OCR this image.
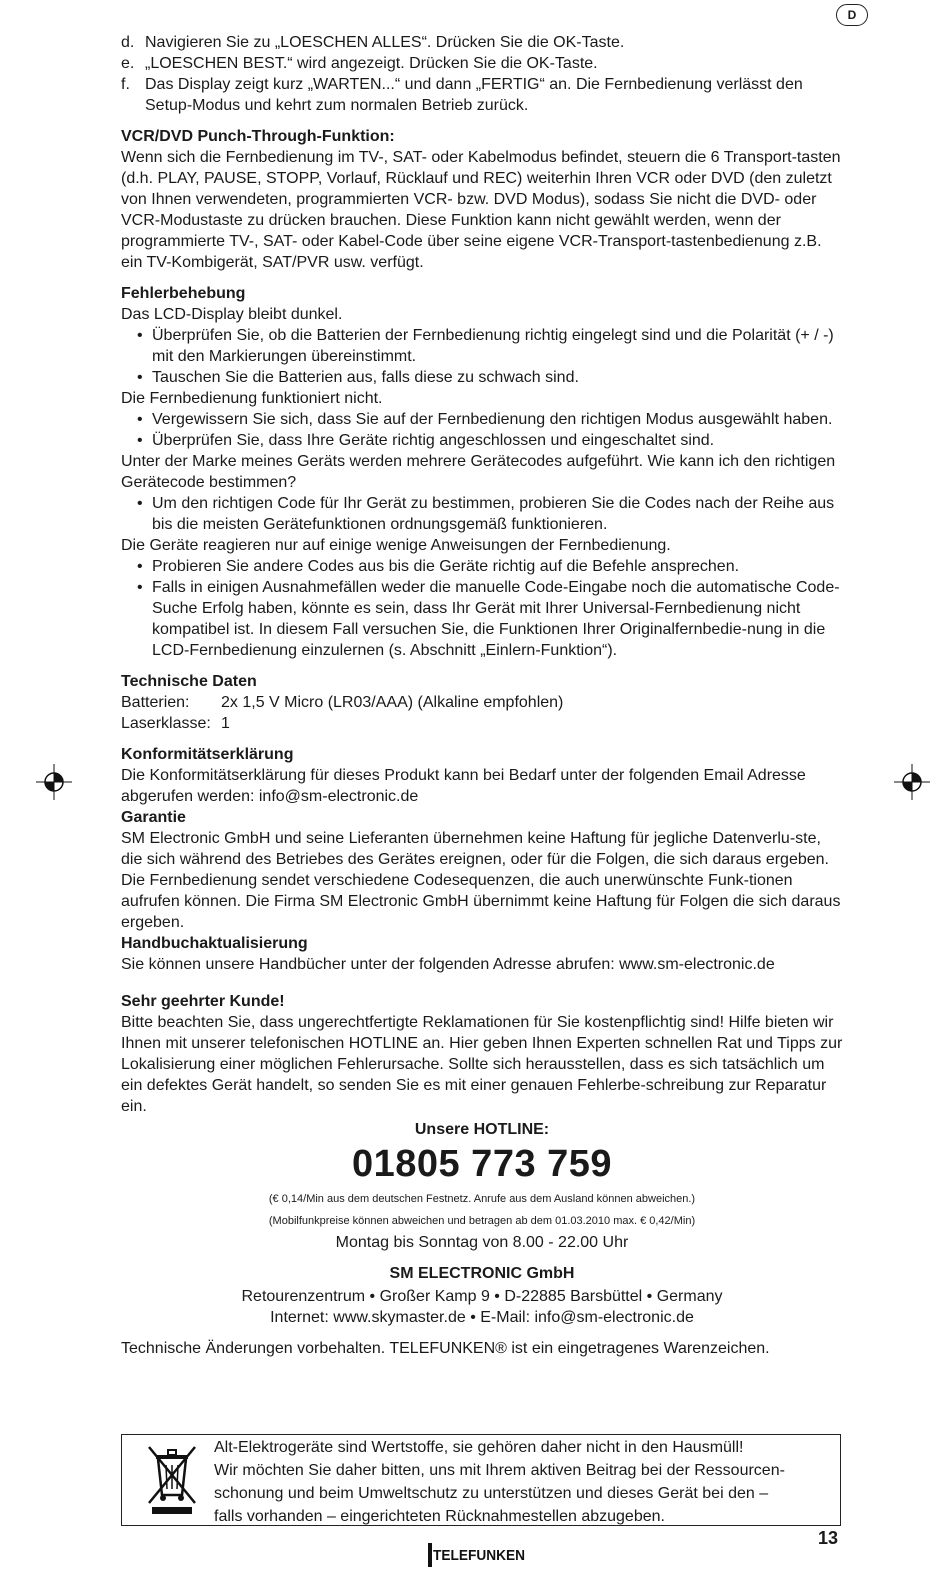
D
d. Navigieren Sie zu „LOESCHEN ALLES“. Drücken Sie die OK-Taste.
e. „LOESCHEN BEST.“ wird angezeigt. Drücken Sie die OK-Taste.
f. Das Display zeigt kurz „WARTEN...“ und dann „FERTIG“ an. Die Fernbedienung verlässt den Setup-Modus und kehrt zum normalen Betrieb zurück.
VCR/DVD Punch-Through-Funktion:

Wenn sich die Fernbedienung im TV-, SAT- oder Kabelmodus befindet, steuern die 6 Transport-tasten (d.h. PLAY, PAUSE, STOPP, Vorlauf, Rücklauf und REC) weiterhin Ihren VCR oder DVD (den zuletzt von Ihnen verwendeten, programmierten VCR- bzw. DVD Modus), sodass Sie nicht die DVD- oder VCR-Modustaste zu drücken brauchen. Diese Funktion kann nicht gewählt werden, wenn der programmierte TV-, SAT- oder Kabel-Code über seine eigene VCR-Transport-tastenbedienung z.B. ein TV-Kombigerät, SAT/PVR usw. verfügt.

Fehlerbehebung

Das LCD-Display bleibt dunkel.

• Überprüfen Sie, ob die Batterien der Fernbedienung richtig eingelegt sind und die Polarität (+ / -) mit den Markierungen übereinstimmt.
• Tauschen Sie die Batterien aus, falls diese zu schwach sind.

Die Fernbedienung funktioniert nicht.

• Vergewissern Sie sich, dass Sie auf der Fernbedienung den richtigen Modus ausgewählt haben.
• Überprüfen Sie, dass Ihre Geräte richtig angeschlossen und eingeschaltet sind.

Unter der Marke meines Geräts werden mehrere Gerätecodes aufgeführt. Wie kann ich den richtigen Gerätecode bestimmen?

• Um den richtigen Code für Ihr Gerät zu bestimmen, probieren Sie die Codes nach der Reihe aus bis die meisten Gerätefunktionen ordnungsgemäß funktionieren.

Die Geräte reagieren nur auf einige wenige Anweisungen der Fernbedienung.

• Probieren Sie andere Codes aus bis die Geräte richtig auf die Befehle ansprechen.
• Falls in einigen Ausnahmefällen weder die manuelle Code-Eingabe noch die automatische Code-Suche Erfolg haben, könnte es sein, dass Ihr Gerät mit Ihrer Universal-Fernbedienung nicht kompatibel ist. In diesem Fall versuchen Sie, die Funktionen Ihrer Originalfernbedie-nung in die LCD-Fernbedienung einzulernen (s. Abschnitt „Einlern-Funktion“).
Technische Daten
Batterien:	2x 1,5 V Micro (LR03/AAA) (Alkaline empfohlen)
Laserklasse: 1
Konformitätserklärung

Die Konformitätserklärung für dieses Produkt kann bei Bedarf unter der folgenden Email Adresse abgerufen werden: info@sm-electronic.de

Garantie

SM Electronic GmbH und seine Lieferanten übernehmen keine Haftung für jegliche Datenverlu-ste, die sich während des Betriebes des Gerätes ereignen, oder für die Folgen, die sich daraus ergeben. Die Fernbedienung sendet verschiedene Codesequenzen, die auch unerwünschte Funk-tionen aufrufen können. Die Firma SM Electronic GmbH übernimmt keine Haftung für Folgen die sich daraus ergeben.

Handbuchaktualisierung

Sie können unsere Handbücher unter der folgenden Adresse abrufen: www.sm-electronic.de

Sehr geehrter Kunde!

Bitte beachten Sie, dass ungerechtfertigte Reklamationen für Sie kostenpflichtig sind! Hilfe bieten wir Ihnen mit unserer telefonischen HOTLINE an. Hier geben Ihnen Experten schnellen Rat und Tipps zur Lokalisierung einer möglichen Fehlerursache. Sollte sich herausstellen, dass es sich tatsächlich um ein defektes Gerät handelt, so senden Sie es mit einer genauen Fehlerbe-schreibung zur Reparatur ein.

Unsere HOTLINE:
01805 773 759
(€ 0,14/Min aus dem deutschen Festnetz. Anrufe aus dem Ausland können abweichen.)
(Mobilfunkpreise können abweichen und betragen ab dem 01.03.2010 max. € 0,42/Min)
Montag bis Sonntag von 8.00 - 22.00 Uhr
SM ELECTRONIC GmbH
Retourenzentrum • Großer Kamp 9 • D-22885 Barsbüttel • Germany
Internet: www.skymaster.de • E-Mail: info@sm-electronic.de

Technische Änderungen vorbehalten. TELEFUNKEN® ist ein eingetragenes Warenzeichen.

Alt-Elektrogeräte sind Wertstoffe, sie gehören daher nicht in den Hausmüll!
Wir möchten Sie daher bitten, uns mit Ihrem aktiven Beitrag bei der Ressourcen-
schonung und beim Umweltschutz zu unterstützen und dieses Gerät bei den –
falls vorhanden – eingerichteten Rücknahmestellen abzugeben.
TELEFUNKEN
13
